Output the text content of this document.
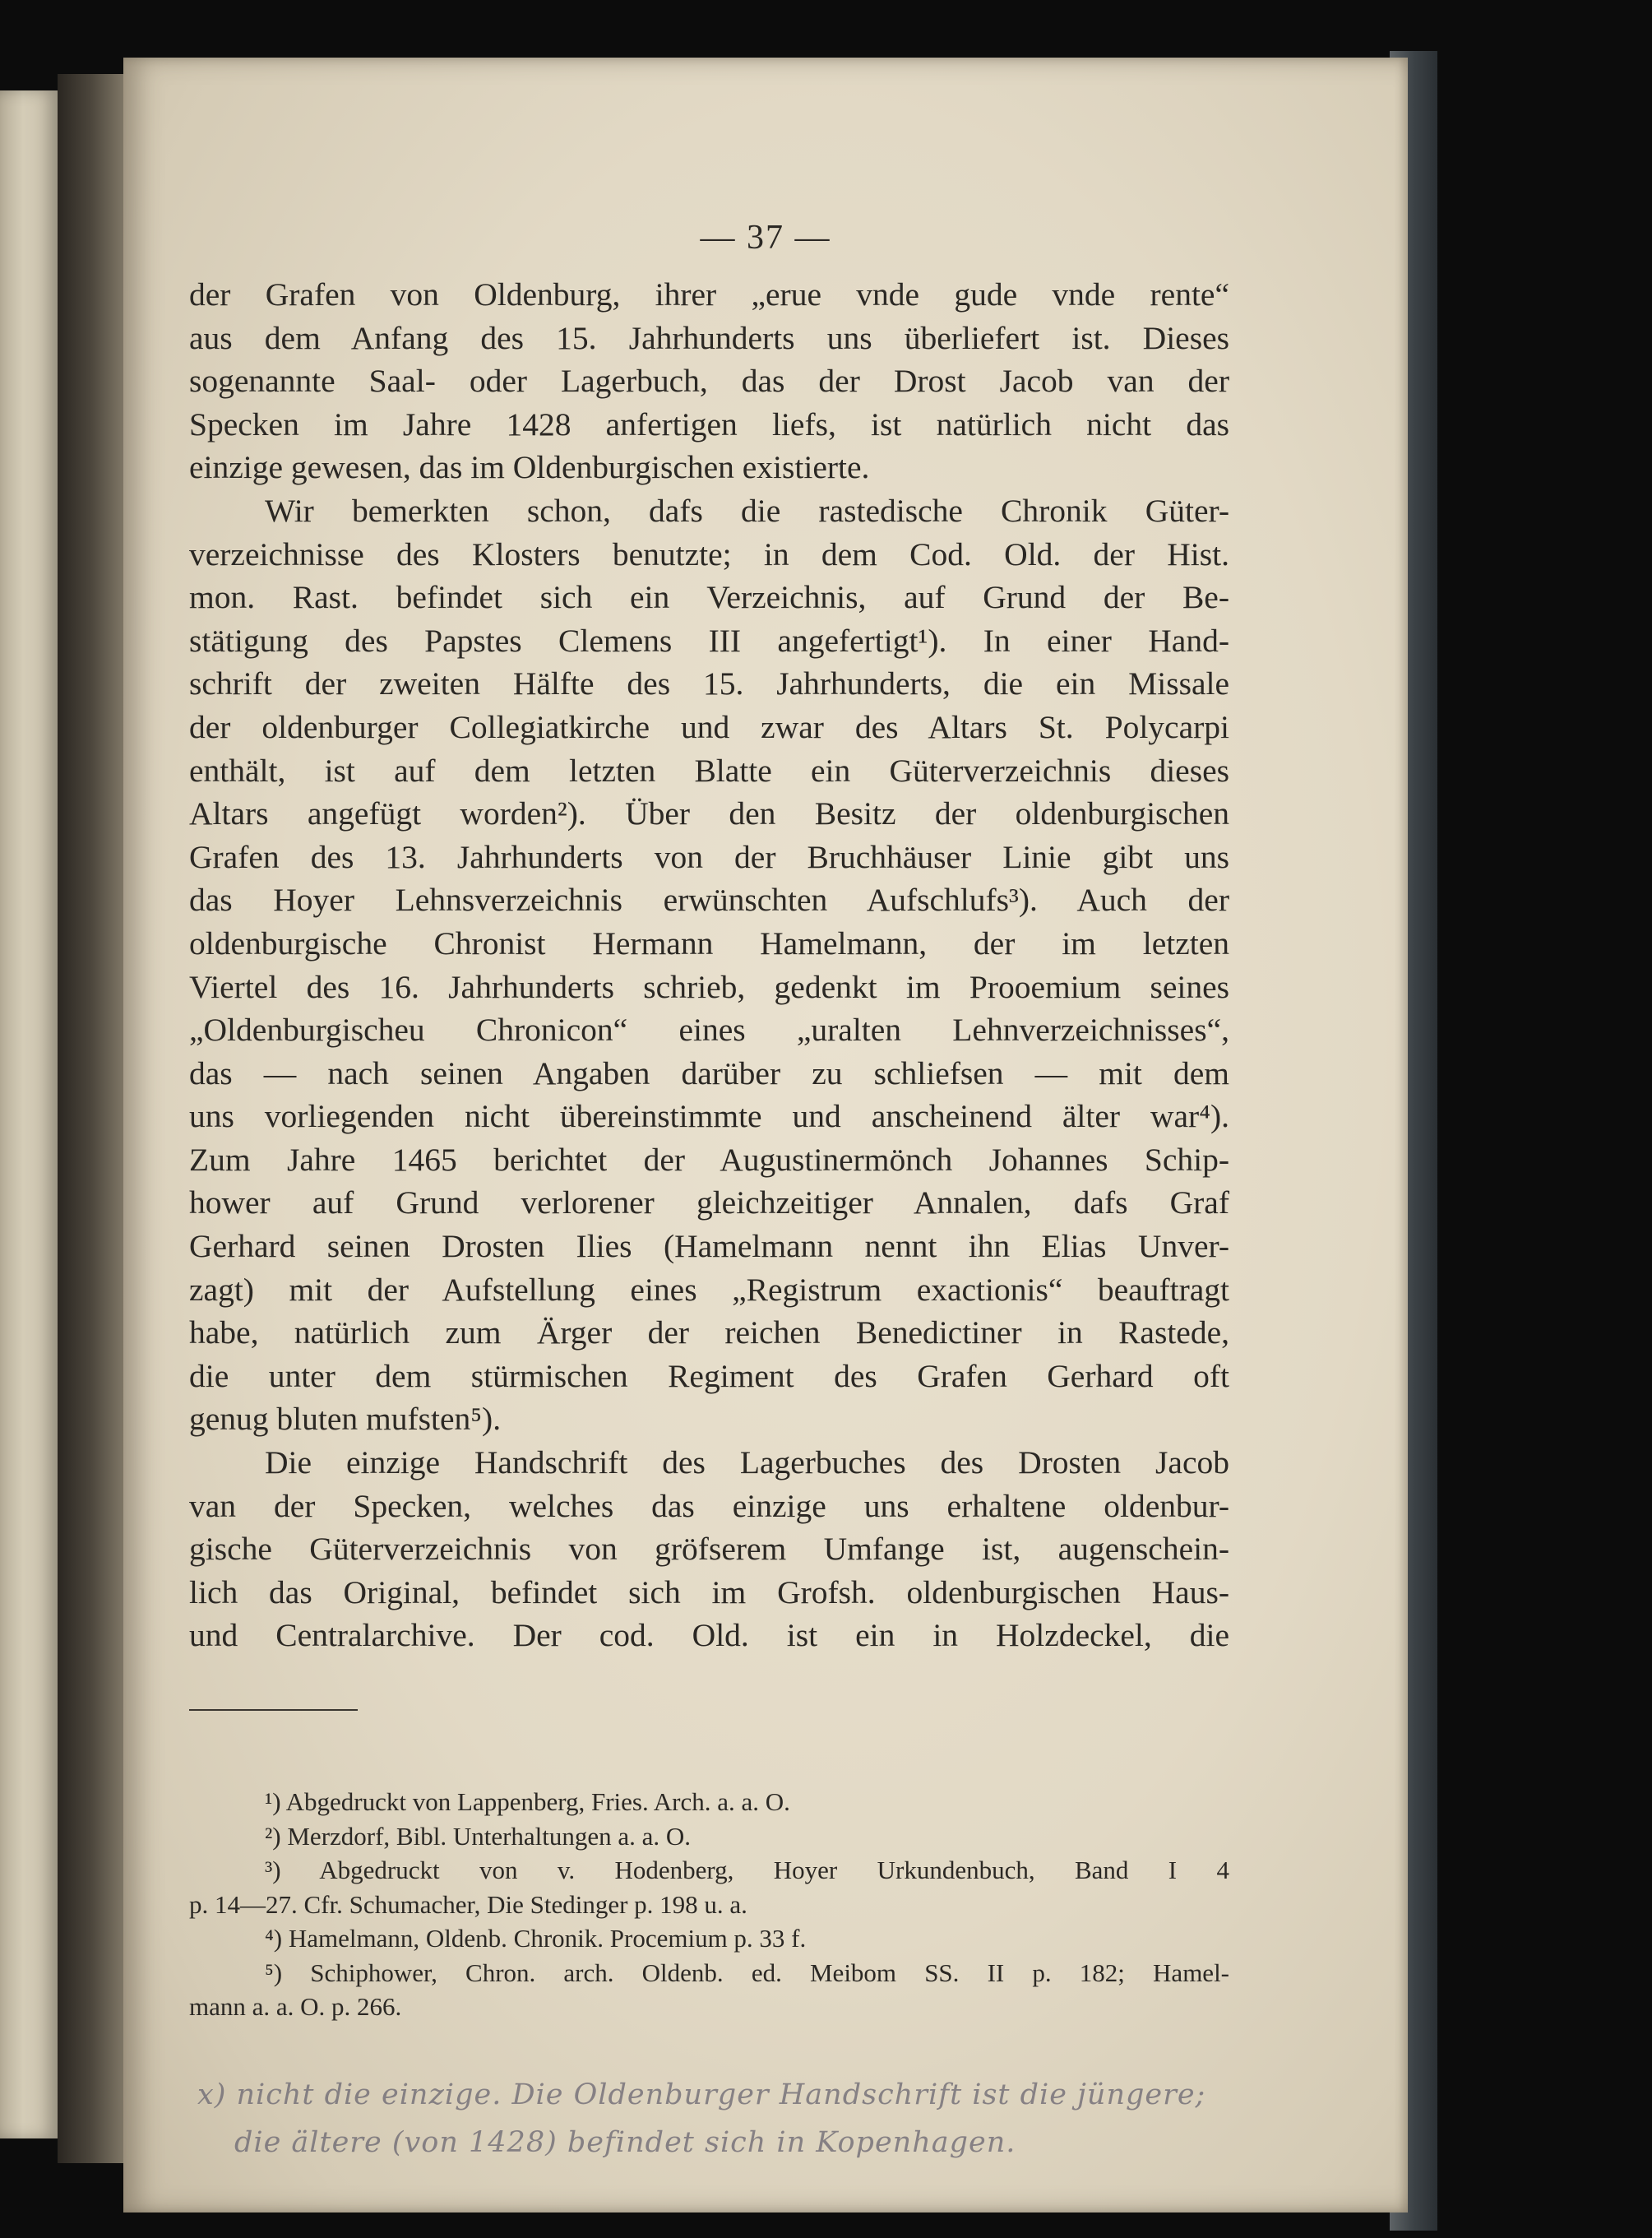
— 37 —
der Grafen von Oldenburg, ihrer „erue vnde gude vnde rente“
aus dem Anfang des 15. Jahrhunderts uns überliefert ist. Dieses
sogenannte Saal- oder Lagerbuch, das der Drost Jacob van der
Specken im Jahre 1428 anfertigen liefs, ist natürlich nicht das
einzige gewesen, das im Oldenburgischen existierte.
Wir bemerkten schon, dafs die rastedische Chronik Güter-
verzeichnisse des Klosters benutzte; in dem Cod. Old. der Hist.
mon. Rast. befindet sich ein Verzeichnis, auf Grund der Be-
stätigung des Papstes Clemens III angefertigt¹). In einer Hand-
schrift der zweiten Hälfte des 15. Jahrhunderts, die ein Missale
der oldenburger Collegiatkirche und zwar des Altars St. Polycarpi
enthält, ist auf dem letzten Blatte ein Güterverzeichnis dieses
Altars angefügt worden²). Über den Besitz der oldenburgischen
Grafen des 13. Jahrhunderts von der Bruchhäuser Linie gibt uns
das Hoyer Lehnsverzeichnis erwünschten Aufschlufs³). Auch der
oldenburgische Chronist Hermann Hamelmann, der im letzten
Viertel des 16. Jahrhunderts schrieb, gedenkt im Prooemium seines
„Oldenburgischeu Chronicon“ eines „uralten Lehnverzeichnisses“,
das — nach seinen Angaben darüber zu schliefsen — mit dem
uns vorliegenden nicht übereinstimmte und anscheinend älter war⁴).
Zum Jahre 1465 berichtet der Augustinermönch Johannes Schip-
hower auf Grund verlorener gleichzeitiger Annalen, dafs Graf
Gerhard seinen Drosten Ilies (Hamelmann nennt ihn Elias Unver-
zagt) mit der Aufstellung eines „Registrum exactionis“ beauftragt
habe, natürlich zum Ärger der reichen Benedictiner in Rastede,
die unter dem stürmischen Regiment des Grafen Gerhard oft
genug bluten mufsten⁵).
Die einzige Handschrift des Lagerbuches des Drosten Jacob
van der Specken, welches das einzige uns erhaltene oldenbur-
gische Güterverzeichnis von gröfserem Umfange ist, augenschein-
lich das Original, befindet sich im Grofsh. oldenburgischen Haus-
und Centralarchive. Der cod. Old. ist ein in Holzdeckel, die
¹) Abgedruckt von Lappenberg, Fries. Arch. a. a. O.
²) Merzdorf, Bibl. Unterhaltungen a. a. O.
³) Abgedruckt von v. Hodenberg, Hoyer Urkundenbuch, Band I 4
p. 14—27. Cfr. Schumacher, Die Stedinger p. 198 u. a.
⁴) Hamelmann, Oldenb. Chronik. Procemium p. 33 f.
⁵) Schiphower, Chron. arch. Oldenb. ed. Meibom SS. II p. 182; Hamel-
mann a. a. O. p. 266.
x) nicht die einzige. Die Oldenburger Handschrift ist die jüngere;
die ältere (von 1428) befindet sich in Kopenhagen.
